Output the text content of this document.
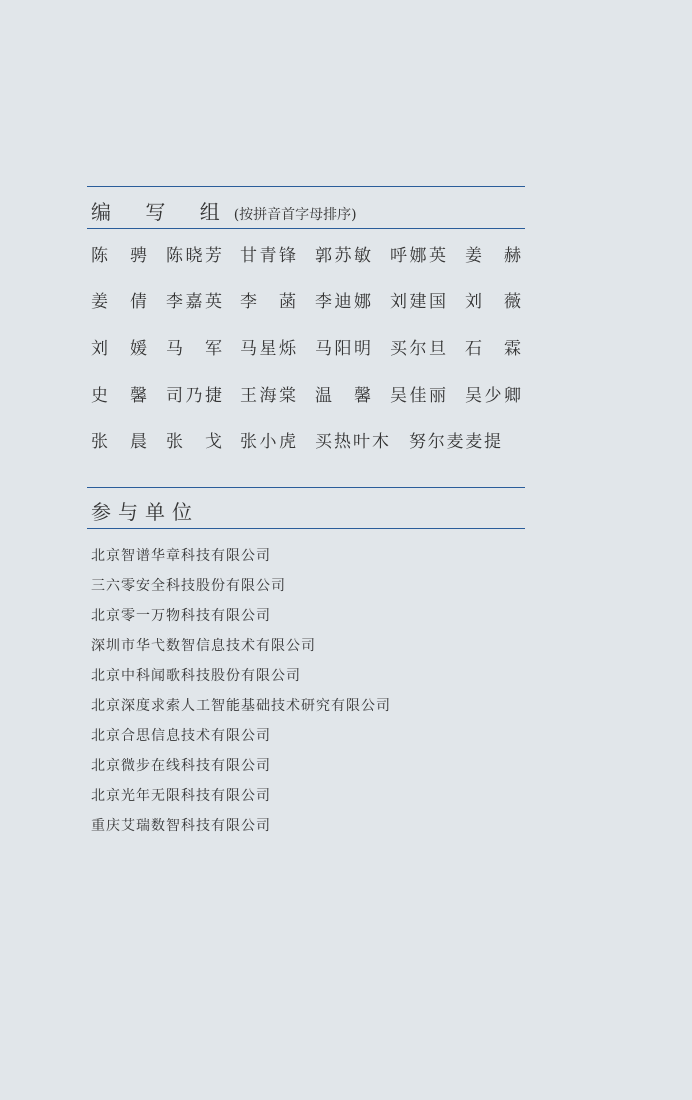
编 写 组(按拼音首字母排序)
陈 骋 陈晓芳 甘青锋 郭苏敏 呼娜英 姜 赫
姜 倩 李嘉英 李 菡 李迪娜 刘建国 刘 薇
刘 媛 马 军 马星烁 马阳明 买尔旦 石 霖
史 馨 司乃捷 王海棠 温 馨 吴佳丽 吴少卿
张 晨 张 戈 张小虎 买热叶木 努尔麦麦提
参与单位
北京智谱华章科技有限公司
三六零安全科技股份有限公司
北京零一万物科技有限公司
深圳市华弋数智信息技术有限公司
北京中科闻歌科技股份有限公司
北京深度求索人工智能基础技术研究有限公司
北京合思信息技术有限公司
北京微步在线科技有限公司
北京光年无限科技有限公司
重庆艾瑞数智科技有限公司
